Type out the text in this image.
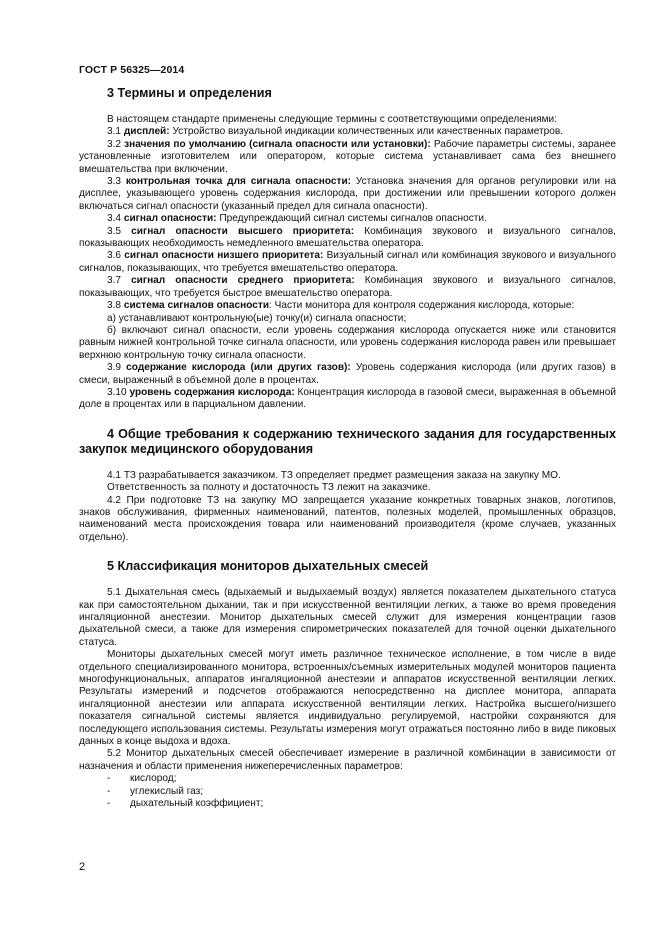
ГОСТ Р 56325—2014
3 Термины и определения

В настоящем стандарте применены следующие термины с соответствующими определениями:

3.1 дисплей: Устройство визуальной индикации количественных или качественных параметров.

3.2 значения по умолчанию (сигнала опасности или установки): Рабочие параметры системы, заранее установленные изготовителем или оператором, которые система устанавливает сама без внешнего вмешательства при включении.

3.3 контрольная точка для сигнала опасности: Установка значения для органов регулировки или на дисплее, указывающего уровень содержания кислорода, при достижении или превышении которого должен включаться сигнал опасности (указанный предел для сигнала опасности).

3.4 сигнал опасности: Предупреждающий сигнал системы сигналов опасности.

3.5 сигнал опасности высшего приоритета: Комбинация звукового и визуального сигналов, показывающих необходимость немедленного вмешательства оператора.

3.6 сигнал опасности низшего приоритета: Визуальный сигнал или комбинация звукового и визуального сигналов, показывающих, что требуется вмешательство оператора.

3.7 сигнал опасности среднего приоритета: Комбинация звукового и визуального сигналов, показывающих, что требуется быстрое вмешательство оператора.

3.8 система сигналов опасности: Части монитора для контроля содержания кислорода, которые:

а) устанавливают контрольную(ые) точку(и) сигнала опасности;

б) включают сигнал опасности, если уровень содержания кислорода опускается ниже или становится равным нижней контрольной точке сигнала опасности, или уровень содержания кислорода равен или превышает верхнюю контрольную точку сигнала опасности.

3.9 содержание кислорода (или других газов): Уровень содержания кислорода (или других газов) в смеси, выраженный в объемной доле в процентах.

3.10 уровень содержания кислорода: Концентрация кислорода в газовой смеси, выраженная в объемной доле в процентах или в парциальном давлении.

4 Общие требования к содержанию технического задания для государственных закупок медицинского оборудования

4.1 ТЗ разрабатывается заказчиком. ТЗ определяет предмет размещения заказа на закупку МО.

Ответственность за полноту и достаточность ТЗ лежит на заказчике.

4.2 При подготовке ТЗ на закупку МО запрещается указание конкретных товарных знаков, логотипов, знаков обслуживания, фирменных наименований, патентов, полезных моделей, промышленных образцов, наименований места происхождения товара или наименований производителя (кроме случаев, указанных отдельно).

5 Классификация мониторов дыхательных смесей

5.1 Дыхательная смесь (вдыхаемый и выдыхаемый воздух) является показателем дыхательного статуса как при самостоятельном дыхании, так и при искусственной вентиляции легких, а также во время проведения ингаляционной анестезии. Монитор дыхательных смесей служит для измерения концентрации газов дыхательной смеси, а также для измерения спирометрических показателей для точной оценки дыхательного статуса.

Мониторы дыхательных смесей могут иметь различное техническое исполнение, в том числе в виде отдельного специализированного монитора, встроенных/съемных измерительных модулей мониторов пациента многофункциональных, аппаратов ингаляционной анестезии и аппаратов искусственной вентиляции легких. Результаты измерений и подсчетов отображаются непосредственно на дисплее монитора, аппарата ингаляционной анестезии или аппарата искусственной вентиляции легких. Настройка высшего/низшего показателя сигнальной системы является индивидуально регулируемой, настройки сохраняются для последующего использования системы. Результаты измерения могут отражаться постоянно либо в виде пиковых данных в конце выдоха и вдоха.

5.2 Монитор дыхательных смесей обеспечивает измерение в различной комбинации в зависимости от назначения и области применения нижеперечисленных параметров:

-	кислород;
-	углекислый газ;
-	дыхательный коэффициент;
2
